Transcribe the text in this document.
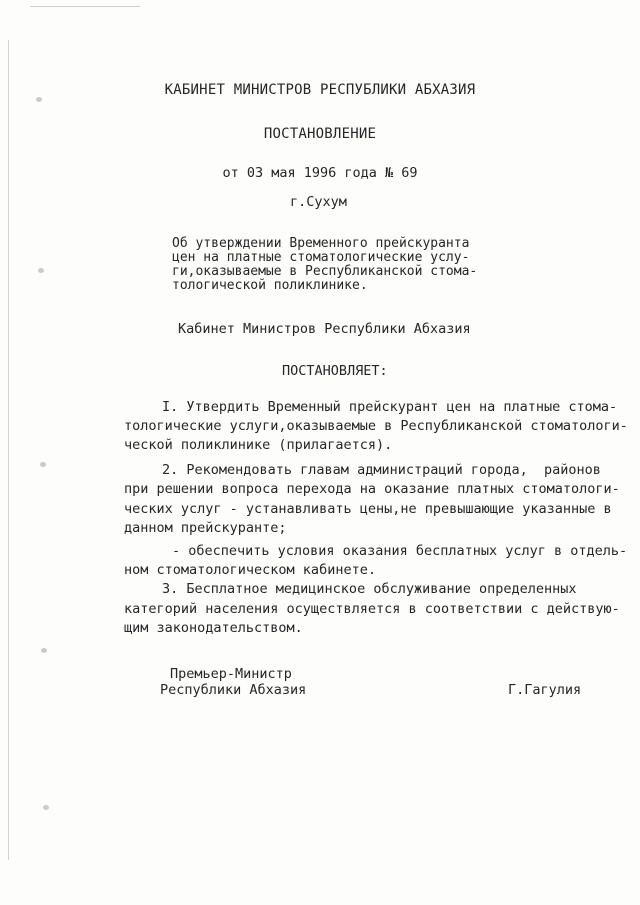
КАБИНЕТ МИНИСТРОВ РЕСПУБЛИКИ АБХАЗИЯ
ПОСТАНОВЛЕНИЕ
от 03 мая 1996 года № 69
г.Сухум
Об утверждении Временного прейскуранта
цен на платные стоматологические услу-
ги,оказываемые в Республиканской стома-
тологической поликлинике.
Кабинет Министров Республики Абхазия
ПОСТАНОВЛЯЕТ:
I. Утвердить Временный прейскурант цен на платные стома-
тологические услуги,оказываемые в Республиканской стоматологи-
ческой поликлинике (прилагается).
2. Рекомендовать главам администраций города,  районов
при решении вопроса перехода на оказание платных стоматологи-
ческих услуг - устанавливать цены,не превышающие указанные в
данном прейскуранте;
- обеспечить условия оказания бесплатных услуг в отдель-
ном стоматологическом кабинете.
3. Бесплатное медицинское обслуживание определенных
категорий населения осуществляется в соответствии с действую-
щим законодательством.
Премьер-Министр
Республики Абхазия	Г.Гагулия
